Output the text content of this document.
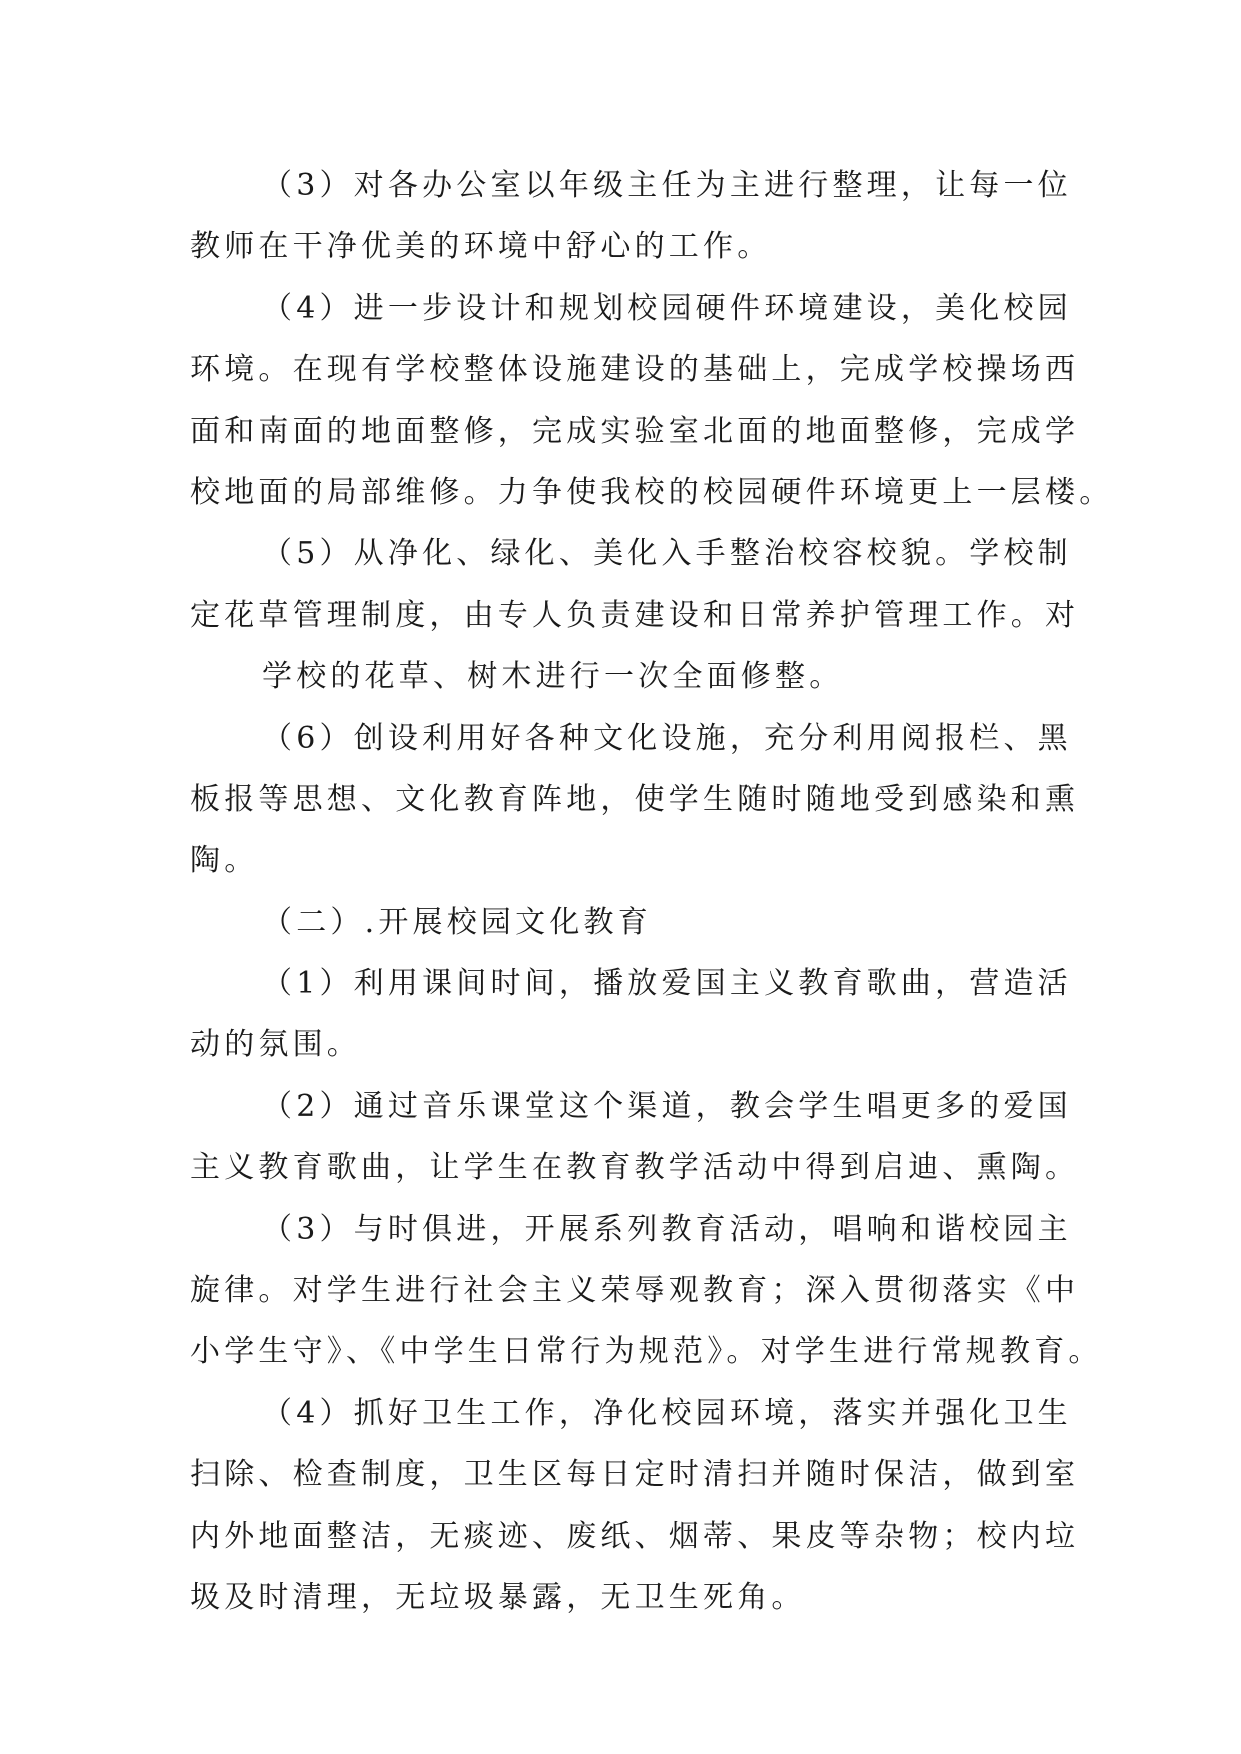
（3）对各办公室以年级主任为主进行整理，让每一位
教师在干净优美的环境中舒心的工作。
（4）进一步设计和规划校园硬件环境建设，美化校园
环境。在现有学校整体设施建设的基础上，完成学校操场西
面和南面的地面整修，完成实验室北面的地面整修，完成学
校地面的局部维修。力争使我校的校园硬件环境更上一层楼。
（5）从净化、绿化、美化入手整治校容校貌。学校制
定花草管理制度，由专人负责建设和日常养护管理工作。对
学校的花草、树木进行一次全面修整。
（6）创设利用好各种文化设施，充分利用阅报栏、黑
板报等思想、文化教育阵地，使学生随时随地受到感染和熏
陶。
（二）.开展校园文化教育
（1）利用课间时间，播放爱国主义教育歌曲，营造活
动的氛围。
（2）通过音乐课堂这个渠道，教会学生唱更多的爱国
主义教育歌曲，让学生在教育教学活动中得到启迪、熏陶。
（3）与时俱进，开展系列教育活动，唱响和谐校园主
旋律。对学生进行社会主义荣辱观教育；深入贯彻落实《中
小学生守》、《中学生日常行为规范》。对学生进行常规教育。
（4）抓好卫生工作，净化校园环境，落实并强化卫生
扫除、检查制度，卫生区每日定时清扫并随时保洁，做到室
内外地面整洁，无痰迹、废纸、烟蒂、果皮等杂物；校内垃
圾及时清理，无垃圾暴露，无卫生死角。
